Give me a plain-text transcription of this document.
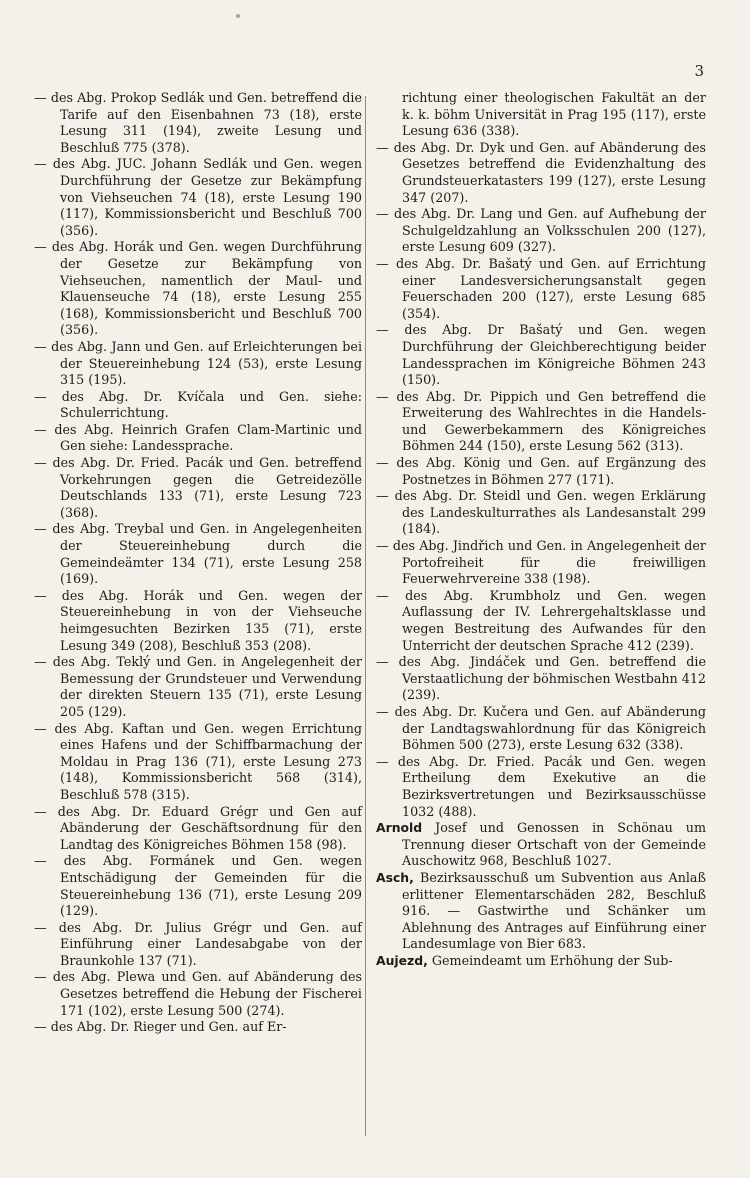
3

— des Abg. Prokop Sedlák und Gen. betreffend die Tarife auf den Eisenbahnen 73 (18), erste Lesung 311 (194), zweite Lesung und Beschluß 775 (378).

— des Abg. JUC. Johann Sedlák und Gen. wegen Durchführung der Gesetze zur Bekämpfung von Viehseuchen 74 (18), erste Lesung 190 (117), Kommissionsbericht und Beschluß 700 (356).

— des Abg. Horák und Gen. wegen Durchführung der Gesetze zur Bekämpfung von Viehseuchen, namentlich der Maul- und Klauenseuche 74 (18), erste Lesung 255 (168), Kommissionsbericht und Beschluß 700 (356).

— des Abg. Jann und Gen. auf Erleichterungen bei der Steuereinhebung 124 (53), erste Lesung 315 (195).

— des Abg. Dr. Kvíčala und Gen. siehe: Schulerrichtung.

— des Abg. Heinrich Grafen Clam-Martinic und Gen siehe: Landessprache.

— des Abg. Dr. Fried. Pacák und Gen. betreffend Vorkehrungen gegen die Getreidezölle Deutschlands 133 (71), erste Lesung 723 (368).

— des Abg. Treybal und Gen. in Angelegenheiten der Steuereinhebung durch die Gemeindeämter 134 (71), erste Lesung 258 (169).

— des Abg. Horák und Gen. wegen der Steuereinhebung in von der Viehseuche heimgesuchten Bezirken 135 (71), erste Lesung 349 (208), Beschluß 353 (208).

— des Abg. Teklý und Gen. in Angelegenheit der Bemessung der Grundsteuer und Verwendung der direkten Steuern 135 (71), erste Lesung 205 (129).

— des Abg. Kaftan und Gen. wegen Errichtung eines Hafens und der Schiffbarmachung der Moldau in Prag 136 (71), erste Lesung 273 (148), Kommissionsbericht 568 (314), Beschluß 578 (315).

— des Abg. Dr. Eduard Grégr und Gen auf Abänderung der Geschäftsordnung für den Landtag des Königreiches Böhmen 158 (98).

— des Abg. Formánek und Gen. wegen Entschädigung der Gemeinden für die Steuereinhebung 136 (71), erste Lesung 209 (129).

— des Abg. Dr. Julius Grégr und Gen. auf Einführung einer Landesabgabe von der Braunkohle 137 (71).

— des Abg. Plewa und Gen. auf Abänderung des Gesetzes betreffend die Hebung der Fischerei 171 (102), erste Lesung 500 (274).

— des Abg. Dr. Rieger und Gen. auf Er-

richtung einer theologischen Fakultät an der k. k. böhm Universität in Prag 195 (117), erste Lesung 636 (338).

— des Abg. Dr. Dyk und Gen. auf Abänderung des Gesetzes betreffend die Evidenzhaltung des Grundsteuerkatasters 199 (127), erste Lesung 347 (207).

— des Abg. Dr. Lang und Gen. auf Aufhebung der Schulgeldzahlung an Volksschulen 200 (127), erste Lesung 609 (327).

— des Abg. Dr. Bašatý und Gen. auf Errichtung einer Landesversicherungsanstalt gegen Feuerschaden 200 (127), erste Lesung 685 (354).

— des Abg. Dr Bašatý und Gen. wegen Durchführung der Gleichberechtigung beider Landessprachen im Königreiche Böhmen 243 (150).

— des Abg. Dr. Pippich und Gen betreffend die Erweiterung des Wahlrechtes in die Handels- und Gewerbekammern des Königreiches Böhmen 244 (150), erste Lesung 562 (313).

— des Abg. König und Gen. auf Ergänzung des Postnetzes in Böhmen 277 (171).

— des Abg. Dr. Steidl und Gen. wegen Erklärung des Landeskulturrathes als Landesanstalt 299 (184).

— des Abg. Jindřich und Gen. in Angelegenheit der Portofreiheit für die freiwilligen Feuerwehrvereine 338 (198).

— des Abg. Krumbholz und Gen. wegen Auflassung der IV. Lehrergehaltsklasse und wegen Bestreitung des Aufwandes für den Unterricht der deutschen Sprache 412 (239).

— des Abg. Jindáček und Gen. betreffend die Verstaatlichung der böhmischen Westbahn 412 (239).

— des Abg. Dr. Kučera und Gen. auf Abänderung der Landtagswahlordnung für das Königreich Böhmen 500 (273), erste Lesung 632 (338).

— des Abg. Dr. Fried. Pacák und Gen. wegen Ertheilung dem Exekutive an die Bezirksvertretungen und Bezirksausschüsse 1032 (488).

Arnold Josef und Genossen in Schönau um Trennung dieser Ortschaft von der Gemeinde Auschowitz 968, Beschluß 1027.

Asch, Bezirksausschuß um Subvention aus Anlaß erlittener Elementarschäden 282, Beschluß 916. — Gastwirthe und Schänker um Ablehnung des Antrages auf Einführung einer Landesumlage von Bier 683.

Aujezd, Gemeindeamt um Erhöhung der Sub-
